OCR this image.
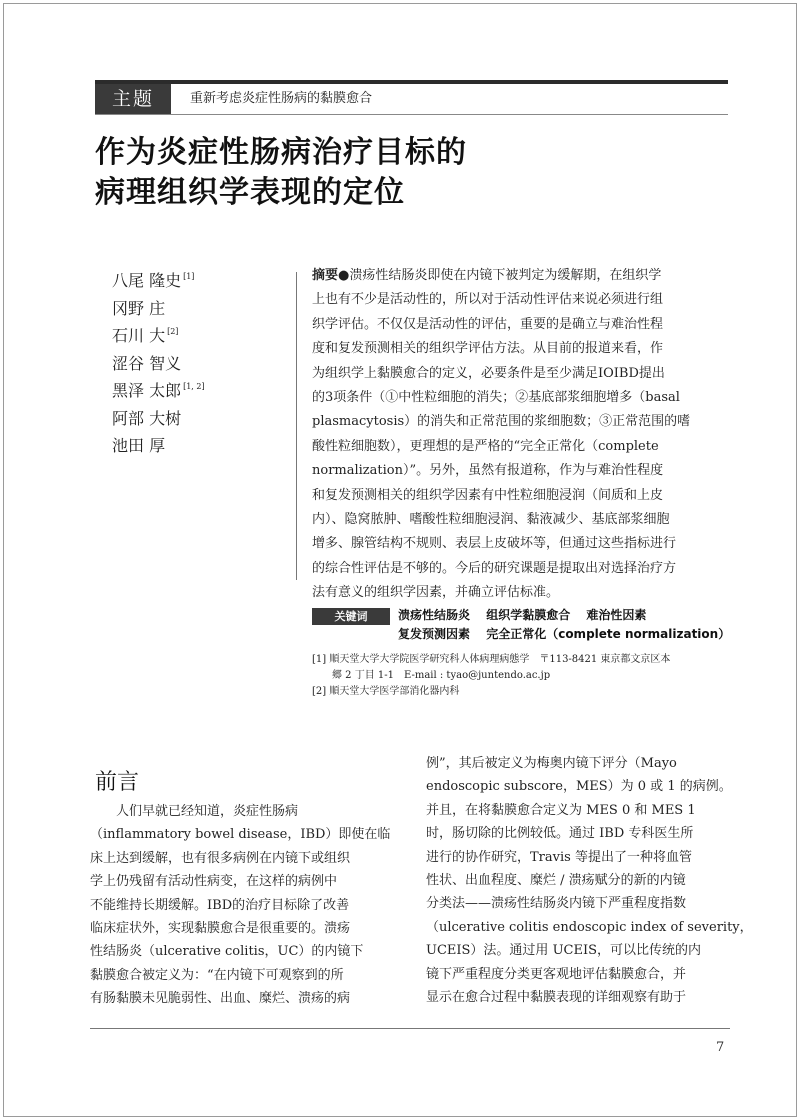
主题	重新考虑炎症性肠病的黏膜愈合
作为炎症性肠病治疗目标的
病理组织学表现的定位
八尾 隆史 [1]
冈野 庄
石川 大 [2]
涩谷 智义
黑泽 太郎 [1, 2]
阿部 大树
池田 厚
摘要●溃疡性结肠炎即使在内镜下被判定为缓解期，在组织学
上也有不少是活动性的，所以对于活动性评估来说必须进行组
织学评估。不仅仅是活动性的评估，重要的是确立与难治性程
度和复发预测相关的组织学评估方法。从目前的报道来看，作
为组织学上黏膜愈合的定义，必要条件是至少满足IOIBD提出
的3项条件（①中性粒细胞的消失；②基底部浆细胞增多（basal
plasmacytosis）的消失和正常范围的浆细胞数；③正常范围的嗜
酸性粒细胞数），更理想的是严格的“完全正常化（complete
normalization）”。另外，虽然有报道称，作为与难治性程度
和复发预测相关的组织学因素有中性粒细胞浸润（间质和上皮
内）、隐窝脓肿、嗜酸性粒细胞浸润、黏液减少、基底部浆细胞
增多、腺管结构不规则、表层上皮破坏等，但通过这些指标进行
的综合性评估是不够的。今后的研究课题是提取出对选择治疗方
法有意义的组织学因素，并确立评估标准。
关键词	溃疡性结肠炎 组织学黏膜愈合 难治性因素
复发预测因素 完全正常化（complete normalization）
[1] 順天堂大学大学院医学研究科人体病理病態学　〒113-8421 東京都文京区本
　　郷 2 丁目 1-1　E-mail : tyao@juntendo.ac.jp
[2] 順天堂大学医学部消化器内科
前言
　　人们早就已经知道，炎症性肠病
（inflammatory bowel disease，IBD）即使在临
床上达到缓解，也有很多病例在内镜下或组织
学上仍残留有活动性病变，在这样的病例中
不能维持长期缓解。IBD的治疗目标除了改善
临床症状外，实现黏膜愈合是很重要的。溃疡
性结肠炎（ulcerative colitis，UC）的内镜下
黏膜愈合被定义为：“在内镜下可观察到的所
有肠黏膜未见脆弱性、出血、糜烂、溃疡的病
例”，其后被定义为梅奥内镜下评分（Mayo
endoscopic subscore，MES）为 0 或 1 的病例。
并且，在将黏膜愈合定义为 MES 0 和 MES 1
时，肠切除的比例较低。通过 IBD 专科医生所
进行的协作研究，Travis 等提出了一种将血管
性状、出血程度、糜烂 / 溃疡赋分的新的内镜
分类法——溃疡性结肠炎内镜下严重程度指数
（ulcerative colitis endoscopic index of severity，
UCEIS）法。通过用 UCEIS，可以比传统的内
镜下严重程度分类更客观地评估黏膜愈合，并
显示在愈合过程中黏膜表现的详细观察有助于
7
